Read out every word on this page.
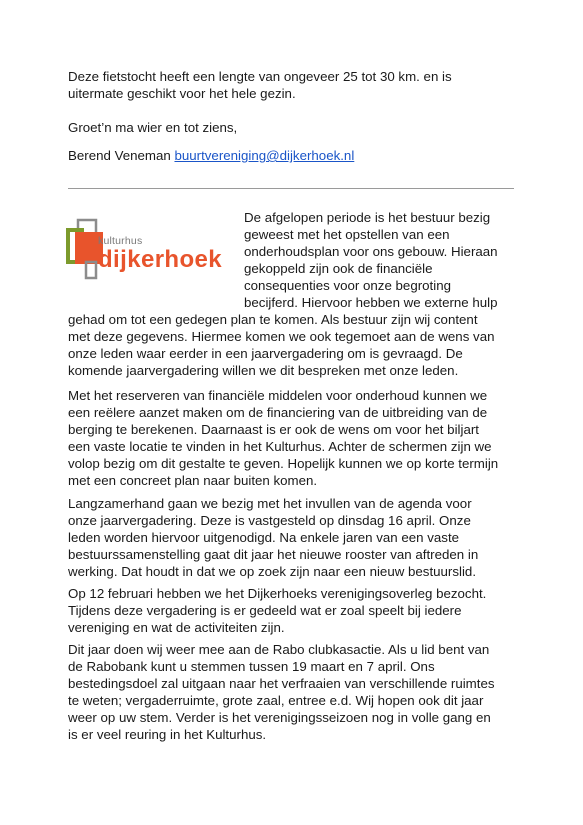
Deze fietstocht heeft een lengte van ongeveer 25 tot 30 km. en is

uitermate geschikt voor het hele gezin.

Groet’n ma wier en tot ziens,

Berend Veneman buurtvereniging@dijkerhoek.nl

kulturhus
dijkerhoek
De afgelopen periode is het bestuur bezig
geweest met het opstellen van een
onderhoudsplan voor ons gebouw. Hieraan
gekoppeld zijn ook de financiële
consequenties voor onze begroting
becijferd. Hiervoor hebben we externe hulp

gehad om tot een gedegen plan te komen. Als bestuur zijn wij content
met deze gegevens. Hiermee komen we ook tegemoet aan de wens van
onze leden waar eerder in een jaarvergadering om is gevraagd. De
komende jaarvergadering willen we dit bespreken met onze leden.

Met het reserveren van financiële middelen voor onderhoud kunnen we
een reëlere aanzet maken om de financiering van de uitbreiding van de
berging te berekenen. Daarnaast is er ook de wens om voor het biljart
een vaste locatie te vinden in het Kulturhus. Achter de schermen zijn we
volop bezig om dit gestalte te geven. Hopelijk kunnen we op korte termijn
met een concreet plan naar buiten komen.

Langzamerhand gaan we bezig met het invullen van de agenda voor
onze jaarvergadering. Deze is vastgesteld op dinsdag 16 april. Onze
leden worden hiervoor uitgenodigd. Na enkele jaren van een vaste
bestuurssamenstelling gaat dit jaar het nieuwe rooster van aftreden in
werking. Dat houdt in dat we op zoek zijn naar een nieuw bestuurslid.

Op 12 februari hebben we het Dijkerhoeks verenigingsoverleg bezocht.
Tijdens deze vergadering is er gedeeld wat er zoal speelt bij iedere
vereniging en wat de activiteiten zijn.

Dit jaar doen wij weer mee aan de Rabo clubkasactie. Als u lid bent van
de Rabobank kunt u stemmen tussen 19 maart en 7 april. Ons
bestedingsdoel zal uitgaan naar het verfraaien van verschillende ruimtes
te weten; vergaderruimte, grote zaal, entree e.d. Wij hopen ook dit jaar
weer op uw stem. Verder is het verenigingsseizoen nog in volle gang en
is er veel reuring in het Kulturhus.
